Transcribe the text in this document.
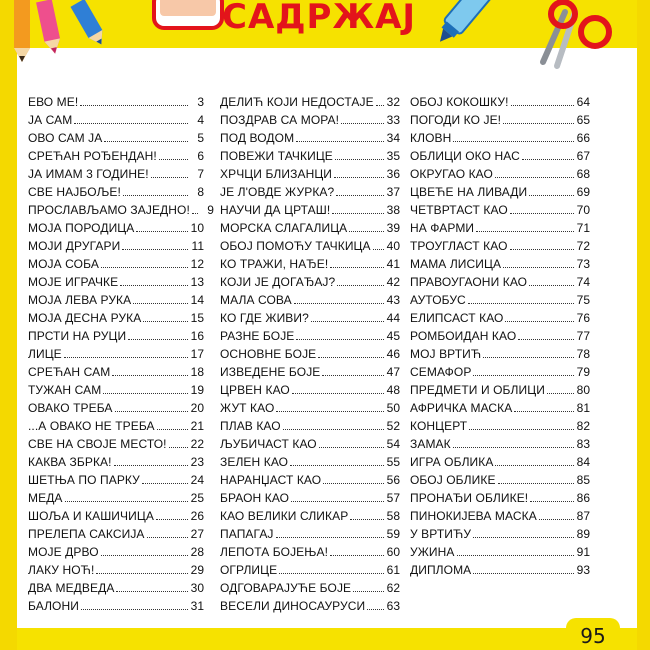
САДРЖАЈ
ЕВО МЕ!	3
ЈА САМ	4
ОВО САМ ЈА	5
СРЕЋАН РОЂЕНДАН!	6
ЈА ИМАМ 3 ГОДИНЕ!	7
СВЕ НАЈБОЉЕ!	8
ПРОСЛАВЉАМО ЗАЈЕДНО!	9
МОЈА ПОРОДИЦА	10
МОЈИ ДРУГАРИ	11
МОЈА СОБА	12
МОЈЕ ИГРАЧКЕ	13
МОЈА ЛЕВА РУКА	14
МОЈА ДЕСНА РУКА	15
ПРСТИ НА РУЦИ	16
ЛИЦЕ	17
СРЕЋАН САМ	18
ТУЖАН САМ	19
ОВАКО ТРЕБА	20
...А ОВАКО НЕ ТРЕБА	21
СВЕ НА СВОЈЕ МЕСТО! 22
КАКВА ЗБРКА!	23
ШЕТЊА ПО ПАРКУ	24
МЕДА	25
ШОЉА И КАШИЧИЦА	26
ПРЕЛЕПА САКСИЈА	27
МОЈЕ ДРВО	28
ЛАКУ НОЋ!	29
ДВА МЕДВЕДА	30
БАЛОНИ	31
ДЕЛИЋ КОЈИ НЕДОСТАЈЕ 32
ПОЗДРАВ СА МОРА!	33
ПОД ВОДОМ	34
ПОВЕЖИ ТАЧКИЦЕ	35
ХРЧЦИ БЛИЗАНЦИ	36
ЈЕ Л'ОВДЕ ЖУРКА?	37
НАУЧИ ДА ЦРТАШ!	38
МОРСКА СЛАГАЛИЦА	39
ОБОЈ ПОМОЋУ ТАЧКИЦА 40
КО ТРАЖИ, НАЂЕ!	41
КОЈИ ЈЕ ДОГАЂАЈ?	42
МАЛА СОВА	43
КО ГДЕ ЖИВИ?	44
РАЗНЕ БОЈЕ	45
ОСНОВНЕ БОЈЕ	46
ИЗВЕДЕНЕ БОЈЕ	47
ЦРВЕН КАО	48
ЖУТ КАО	50
ПЛАВ КАО	52
ЉУБИЧАСТ КАО	54
ЗЕЛЕН КАО	55
НАРАНЏАСТ КАО	56
БРАОН КАО	57
КАО ВЕЛИКИ СЛИКАР	58
ПАПАГАЈ	59
ЛЕПОТА БОЈЕЊА!	60
ОГРЛИЦЕ	61
ОДГОВАРАЈУЋЕ БОЈЕ	62
ВЕСЕЛИ ДИНОСАУРУСИ 63
ОБОЈ КОКОШКУ!	64
ПОГОДИ КО ЈЕ!	65
КЛОВН	66
ОБЛИЦИ ОКО НАС	67
ОКРУГАО КАО	68
ЦВЕЋЕ НА ЛИВАДИ	69
ЧЕТВРТАСТ КАО	70
НА ФАРМИ	71
ТРОУГЛАСТ КАО	72
МАМА ЛИСИЦА	73
ПРАВОУГАОНИ КАО	74
АУТОБУС	75
ЕЛИПСАСТ КАО	76
РОМБОИДАН КАО	77
МОЈ ВРТИЋ	78
СЕМАФОР	79
ПРЕДМЕТИ И ОБЛИЦИ	80
АФРИЧКА МАСКА	81
КОНЦЕРТ	82
ЗАМАК	83
ИГРА ОБЛИКА	84
ОБОЈ ОБЛИКЕ	85
ПРОНАЂИ ОБЛИКЕ!	86
ПИНОКИЈЕВА МАСКА	87
У ВРТИЋУ	89
УЖИНА	91
ДИПЛОМА	93
95
